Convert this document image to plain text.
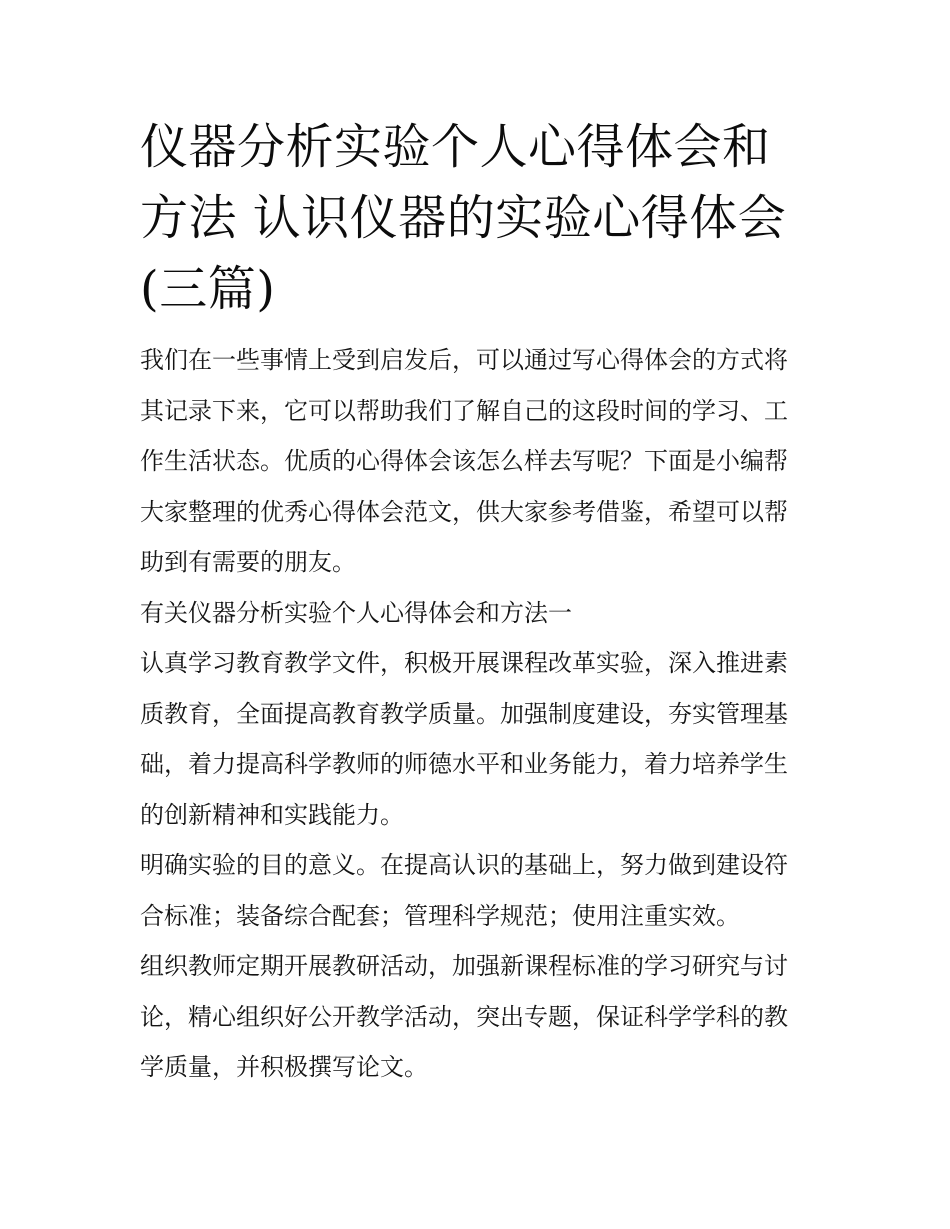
仪器分析实验个人心得体会和
方法 认识仪器的实验心得体会
(三篇)

我们在一些事情上受到启发后，可以通过写心得体会的方式将
其记录下来，它可以帮助我们了解自己的这段时间的学习、工
作生活状态。优质的心得体会该怎么样去写呢？下面是小编帮
大家整理的优秀心得体会范文，供大家参考借鉴，希望可以帮
助到有需要的朋友。

有关仪器分析实验个人心得体会和方法一

认真学习教育教学文件，积极开展课程改革实验，深入推进素
质教育，全面提高教育教学质量。加强制度建设，夯实管理基
础，着力提高科学教师的师德水平和业务能力，着力培养学生
的创新精神和实践能力。

明确实验的目的意义。在提高认识的基础上，努力做到建设符
合标准；装备综合配套；管理科学规范；使用注重实效。

组织教师定期开展教研活动，加强新课程标准的学习研究与讨
论，精心组织好公开教学活动，突出专题，保证科学学科的教
学质量，并积极撰写论文。
